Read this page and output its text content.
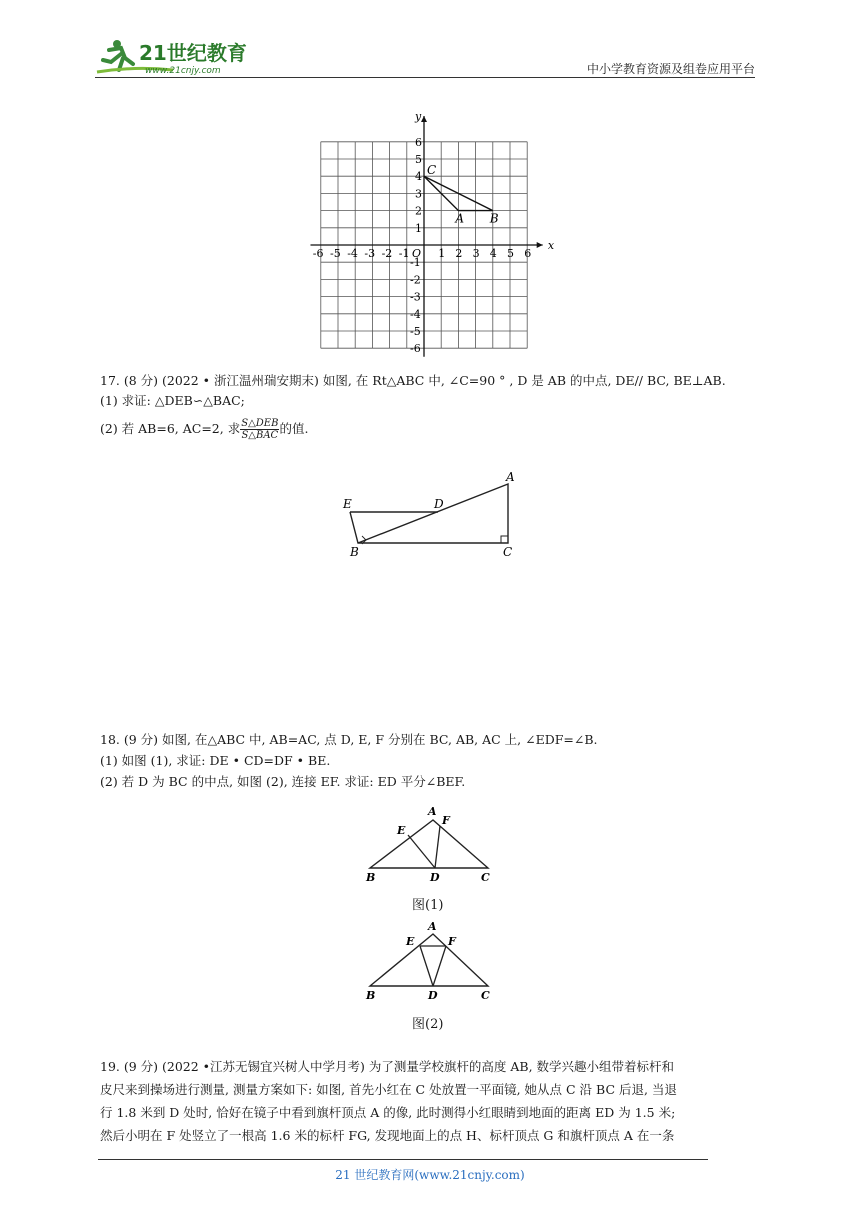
21世纪教育
www.21cnjy.com	中小学教育资源及组卷应用平台
x
y
O
-6 -5 -4 -3 -2 -1	1 2 3 4 5 6
6
5
4
3
2
1
-1
-2
-3
-4
-5
-6
C
A B
17. (8 分) (2022 • 浙江温州瑞安期末) 如图, 在 Rt△ABC 中, ∠C=90 ° , D 是 AB 的中点, DE// BC, BE⊥AB.
(1) 求证: △DEB∽△BAC;
(2) 若 AB=6, AC=2, 求 $\frac{\text{S△DEB}}{\text{S△BAC}}$ 的值.
A
B	C
D
E
18. (9 分) 如图, 在△ABC 中, AB=AC, 点 D, E, F 分别在 BC, AB, AC 上, ∠EDF=∠B.
(1) 如图 (1), 求证: DE • CD=DF • BE.
(2) 若 D 为 BC 的中点, 如图 (2), 连接 EF. 求证: ED 平分∠BEF.
A
B	C
D
E
F
图(1)
A
B	C
D
E	F
图(2)
19. (9 分) (2022 •江苏无锡宜兴树人中学月考) 为了测量学校旗杆的高度 AB, 数学兴趣小组带着标杆和
皮尺来到操场进行测量, 测量方案如下: 如图, 首先小红在 C 处放置一平面镜, 她从点 C 沿 BC 后退, 当退
行 1.8 米到 D 处时, 恰好在镜子中看到旗杆顶点 A 的像, 此时测得小红眼睛到地面的距离 ED 为 1.5 米;
然后小明在 F 处竖立了一根高 1.6 米的标杆 FG, 发现地面上的点 H、标杆顶点 G 和旗杆顶点 A 在一条
21 世纪教育网(www.21cnjy.com)
